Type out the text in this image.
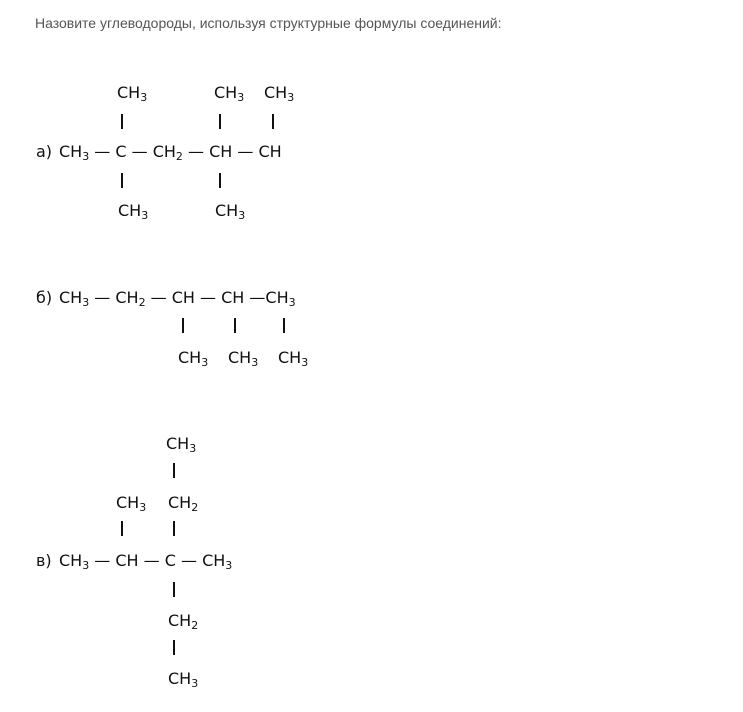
Назовите углеводороды, используя структурные формулы соединений:
$CH_3$	$CH_3$ $CH_3$
а) $CH_3$ — C — $CH_2$ — CH — CH
$CH_3$	$CH_3$
б) $CH_3$ — $CH_2$ — CH — CH $—CH_3$
$CH_3$ $CH_3$ $CH_3$
$CH_3$
$CH_3$ $CH_2$
в) $CH_3$ — CH — C — $CH_3$
$CH_2$
$CH_3$
